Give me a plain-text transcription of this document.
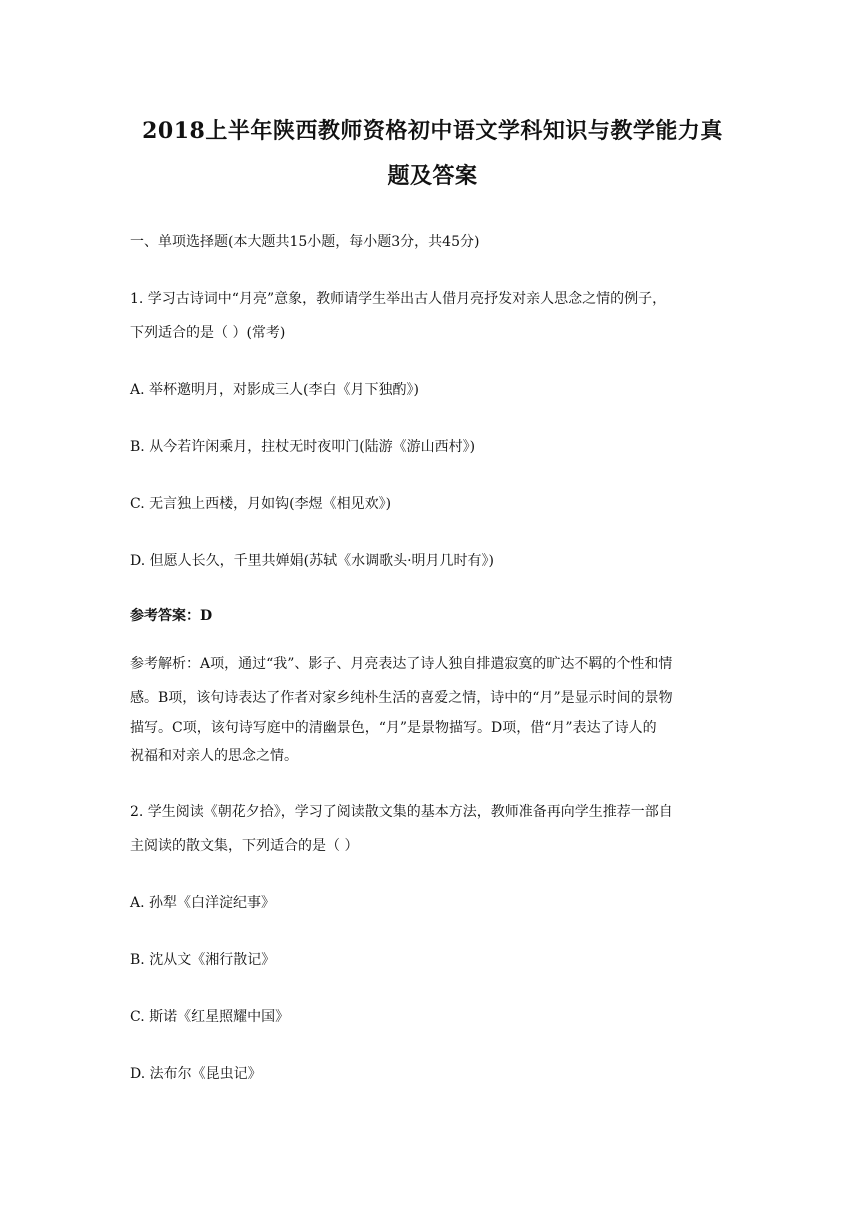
2018上半年陕西教师资格初中语文学科知识与教学能力真
题及答案
一、单项选择题(本大题共15小题，每小题3分，共45分)
1. 学习古诗词中“月亮”意象，教师请学生举出古人借月亮抒发对亲人思念之情的例子，
下列适合的是（ ）(常考)
A. 举杯邀明月，对影成三人(李白《月下独酌》)
B. 从今若许闲乘月，拄杖无时夜叩门(陆游《游山西村》)
C. 无言独上西楼，月如钩(李煜《相见欢》)
D. 但愿人长久，千里共婵娟(苏轼《水调歌头·明月几时有》)
参考答案：D
参考解析：A项，通过“我”、影子、月亮表达了诗人独自排遣寂寞的旷达不羁的个性和情
感。B项，该句诗表达了作者对家乡纯朴生活的喜爱之情，诗中的“月”是显示时间的景物
描写。C项，该句诗写庭中的清幽景色，“月”是景物描写。D项，借“月”表达了诗人的
祝福和对亲人的思念之情。
2. 学生阅读《朝花夕拾》，学习了阅读散文集的基本方法，教师准备再向学生推荐一部自
主阅读的散文集，下列适合的是（ ）
A. 孙犁《白洋淀纪事》
B. 沈从文《湘行散记》
C. 斯诺《红星照耀中国》
D. 法布尔《昆虫记》
